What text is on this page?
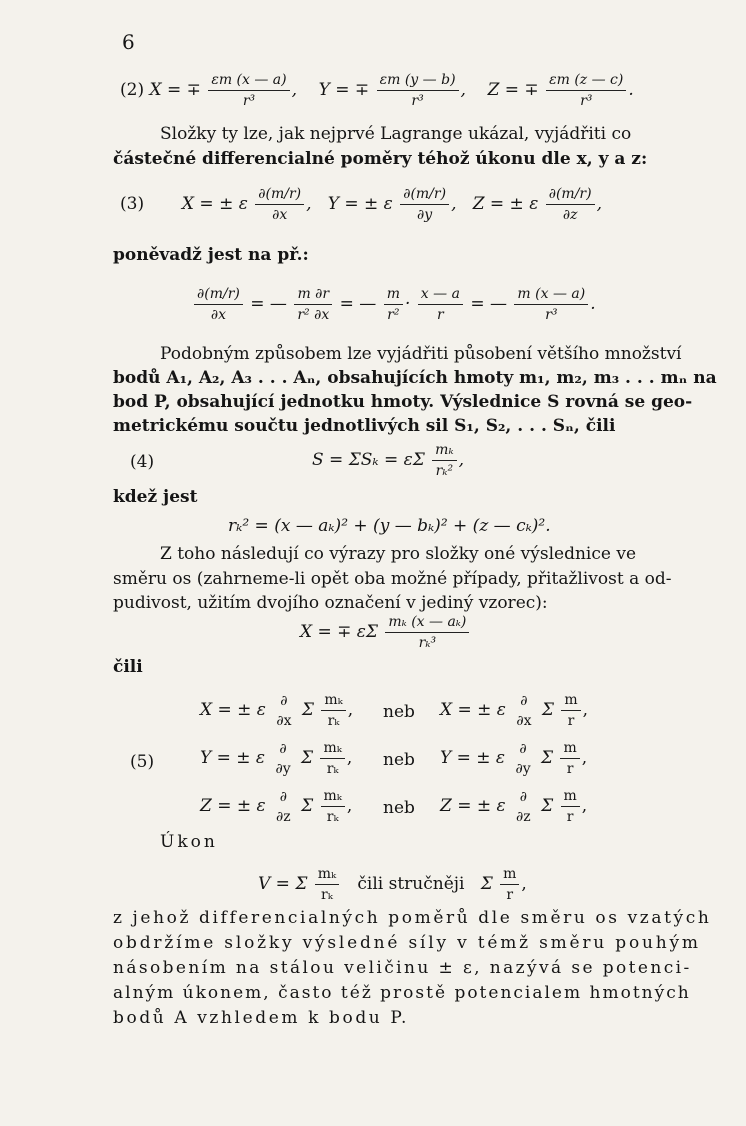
6
(2) X = ∓ $\frac{\varepsilon m (x — a)}{\text{r³}}$ ,    Y = ∓ $\frac{\varepsilon m (y — b)}{\text{r³}}$ ,    Z = ∓ $\frac{\varepsilon m (z — c)}{\text{r³}}$ .
Složky ty lze, jak nejprvé Lagrange ukázal, vyjádřiti co
částečné differencialné poměry téhož úkonu dle x, y a z:
(3) X = ± ε $\frac{\partial(m/r)}{\partial x}$ ,   Y = ± ε $\frac{\partial(m/r)}{\partial y}$ ,   Z = ± ε $\frac{\partial(m/r)}{\partial z}$ ,
poněvadž jest na př.:
$\frac{\partial(m/r)}{\partial x}$ = — $\frac{m \partial r}{\text{r² ∂x}}$ = — $\frac{m}{\text{r²}} \cdot \frac{x — a}{r}$ = — $\frac{m (x — a)}{\text{r³}}$ .
Podobným způsobem lze vyjádřiti působení většího množství
bodů A₁, A₂, A₃ . . . Aₙ, obsahujících hmoty m₁, m₂, m₃ . . . mₙ na
bod P, obsahující jednotku hmoty. Výslednice S rovná se geo-
metrickému součtu jednotlivých sil S₁, S₂, . . . Sₙ, čili
(4)	S = ΣSₖ = εΣ $\frac{\text{mₖ}}{\text{rₖ²}}$ ,
kdež jest
rₖ² = (x — aₖ)² + (y — bₖ)² + (z — cₖ)².
Z toho následují co výrazy pro složky oné výslednice ve
směru os (zahrneme-li opět oba možné případy, přitažlivost a od-
pudivost, užitím dvojího označení v jediný vzorec):
X = ∓ εΣ $\frac{\text{mₖ (x — aₖ)}}{\text{rₖ³}}$
čili
(5)
X = ± ε	∂
∂x
Σ $\frac{\text{mₖ}}{\text{rₖ}}$ , neb X = ± ε	∂
∂x
Σ $\frac{m}{r}$ ,
Y = ± ε	∂
∂y
Σ $\frac{\text{mₖ}}{\text{rₖ}}$ , neb Y = ± ε	∂
∂y
Σ $\frac{m}{r}$ ,
Z = ± ε	∂
∂z
Σ $\frac{\text{mₖ}}{\text{rₖ}}$ , neb Z = ± ε	∂
∂z
Σ $\frac{m}{r}$ ,
Úkon
V = Σ $\frac{\text{mₖ}}{\text{rₖ}}$ čili stručněji Σ $\frac{m}{r}$ ,
z jehož differencialných poměrů dle směru os vzatých
obdržíme složky výsledné síly v témž směru pouhým
násobením na stálou veličinu ± ε, nazývá se potenci-
alným úkonem, často též prostě potencialem hmotných
bodů A vzhledem k bodu P.
